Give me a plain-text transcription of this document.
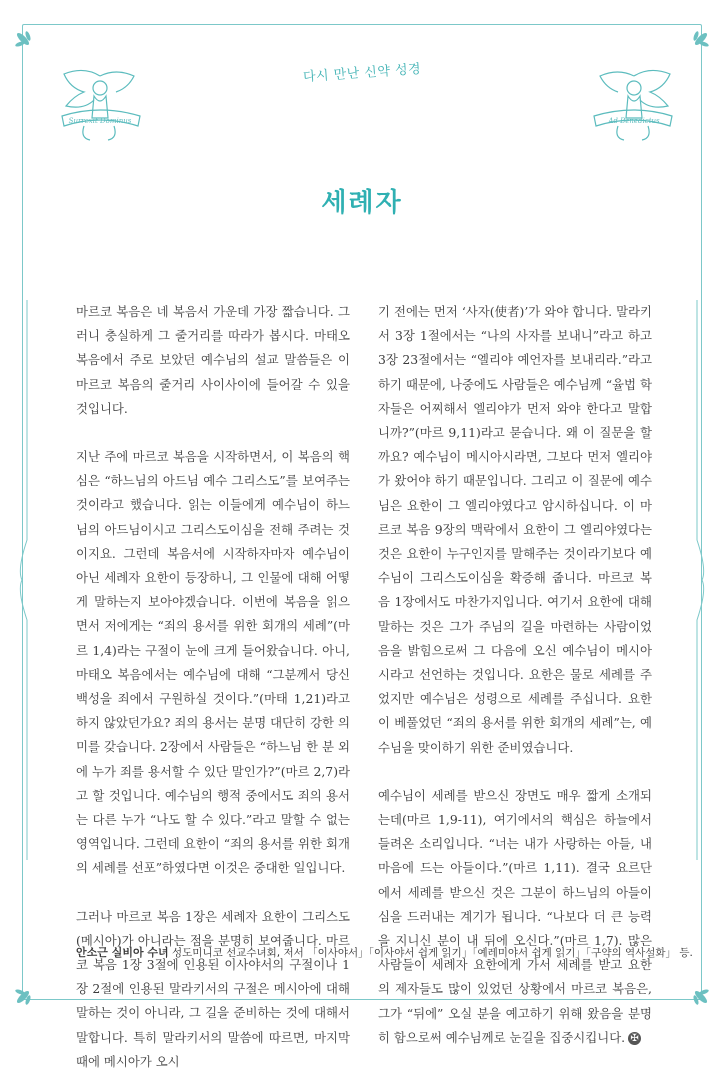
다시 만난 신약 성경
Surrexit Dominus	Ad Benedictus
세례자

마르코 복음은 네 복음서 가운데 가장 짧습니다. 그러니 충실하게 그 줄거리를 따라가 봅시다. 마태오 복음에서 주로 보았던 예수님의 설교 말씀들은 이 마르코 복음의 줄거리 사이사이에 들어갈 수 있을 것입니다.

지난 주에 마르코 복음을 시작하면서, 이 복음의 핵심은 “하느님의 아드님 예수 그리스도”를 보여주는 것이라고 했습니다. 읽는 이들에게 예수님이 하느님의 아드님이시고 그리스도이심을 전해 주려는 것이지요. 그런데 복음서에 시작하자마자 예수님이 아닌 세례자 요한이 등장하니, 그 인물에 대해 어떻게 말하는지 보아야겠습니다. 이번에 복음을 읽으면서 저에게는 “죄의 용서를 위한 회개의 세례”(마르 1,4)라는 구절이 눈에 크게 들어왔습니다. 아니, 마태오 복음에서는 예수님에 대해 “그분께서 당신 백성을 죄에서 구원하실 것이다.”(마태 1,21)라고 하지 않았던가요? 죄의 용서는 분명 대단히 강한 의미를 갖습니다. 2장에서 사람들은 “하느님 한 분 외에 누가 죄를 용서할 수 있단 말인가?”(마르 2,7)라고 할 것입니다. 예수님의 행적 중에서도 죄의 용서는 다른 누가 “나도 할 수 있다.”라고 말할 수 없는 영역입니다. 그런데 요한이 “죄의 용서를 위한 회개의 세례를 선포”하였다면 이것은 중대한 일입니다.

그러나 마르코 복음 1장은 세례자 요한이 그리스도(메시아)가 아니라는 점을 분명히 보여줍니다. 마르코 복음 1장 3절에 인용된 이사야서의 구절이나 1장 2절에 인용된 말라키서의 구절은 메시아에 대해 말하는 것이 아니라, 그 길을 준비하는 것에 대해서 말합니다. 특히 말라키서의 말씀에 따르면, 마지막 때에 메시아가 오시

기 전에는 먼저 ‘사자(使者)’가 와야 합니다. 말라키서 3장 1절에서는 “나의 사자를 보내니”라고 하고 3장 23절에서는 “엘리야 예언자를 보내리라.”라고 하기 때문에, 나중에도 사람들은 예수님께 “율법 학자들은 어찌해서 엘리야가 먼저 와야 한다고 말합니까?”(마르 9,11)라고 묻습니다. 왜 이 질문을 할까요? 예수님이 메시아시라면, 그보다 먼저 엘리야가 왔어야 하기 때문입니다. 그리고 이 질문에 예수님은 요한이 그 엘리야였다고 암시하십니다. 이 마르코 복음 9장의 맥락에서 요한이 그 엘리야였다는 것은 요한이 누구인지를 말해주는 것이라기보다 예수님이 그리스도이심을 확증해 줍니다. 마르코 복음 1장에서도 마찬가지입니다. 여기서 요한에 대해 말하는 것은 그가 주님의 길을 마련하는 사람이었음을 밝힘으로써 그 다음에 오신 예수님이 메시아시라고 선언하는 것입니다. 요한은 물로 세례를 주었지만 예수님은 성령으로 세례를 주십니다. 요한이 베풀었던 “죄의 용서를 위한 회개의 세례”는, 예수님을 맞이하기 위한 준비였습니다.

예수님이 세례를 받으신 장면도 매우 짧게 소개되는데(마르 1,9-11), 여기에서의 핵심은 하늘에서 들려온 소리입니다. “너는 내가 사랑하는 아들, 내 마음에 드는 아들이다.”(마르 1,11). 결국 요르단에서 세례를 받으신 것은 그분이 하느님의 아들이심을 드러내는 계기가 됩니다. “나보다 더 큰 능력을 지니신 분이 내 뒤에 오신다.”(마르 1,7). 많은 사람들이 세례자 요한에게 가서 세례를 받고 요한의 제자들도 많이 있었던 상황에서 마르코 복음은, 그가 “뒤에” 오실 분을 예고하기 위해 왔음을 분명히 함으로써 예수님께로 눈길을 집중시킵니다. ✠

안소근 실비아 수녀 성도미니코 선교수녀회, 저서 「이사야서」「이사야서 쉽게 읽기」「예레미야서 쉽게 읽기」「구약의 역사설화」 등.
